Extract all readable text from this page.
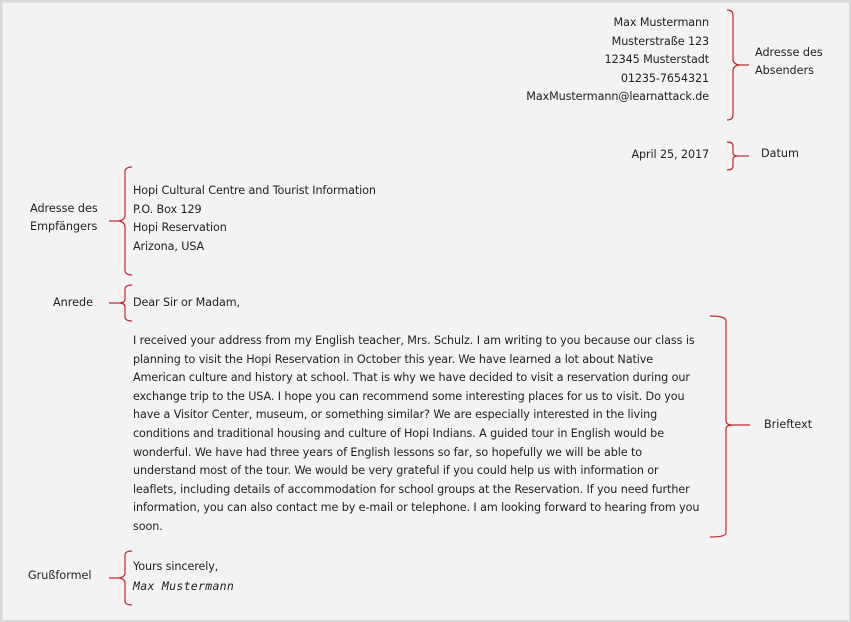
Max Mustermann
Musterstraße 123
12345 Musterstadt
01235-7654321
MaxMustermann@learnattack.de
Adresse des
Absenders
April 25, 2017	Datum
Adresse des
Empfängers
Hopi Cultural Centre and Tourist Information
P.O. Box 129
Hopi Reservation
Arizona, USA
Anrede	Dear Sir or Madam,
I received your address from my English teacher, Mrs. Schulz. I am writing to you because our class is
planning to visit the Hopi Reservation in October this year. We have learned a lot about Native
American culture and history at school. That is why we have decided to visit a reservation during our
exchange trip to the USA. I hope you can recommend some interesting places for us to visit. Do you
have a Visitor Center, museum, or something similar? We are especially interested in the living
conditions and traditional housing and culture of Hopi Indians. A guided tour in English would be
wonderful. We have had three years of English lessons so far, so hopefully we will be able to
understand most of the tour. We would be very grateful if you could help us with information or
leaflets, including details of accommodation for school groups at the Reservation. If you need further
information, you can also contact me by e-mail or telephone. I am looking forward to hearing from you
soon.
Brieftext
Grußformel
Yours sincerely,
Max Mustermann
